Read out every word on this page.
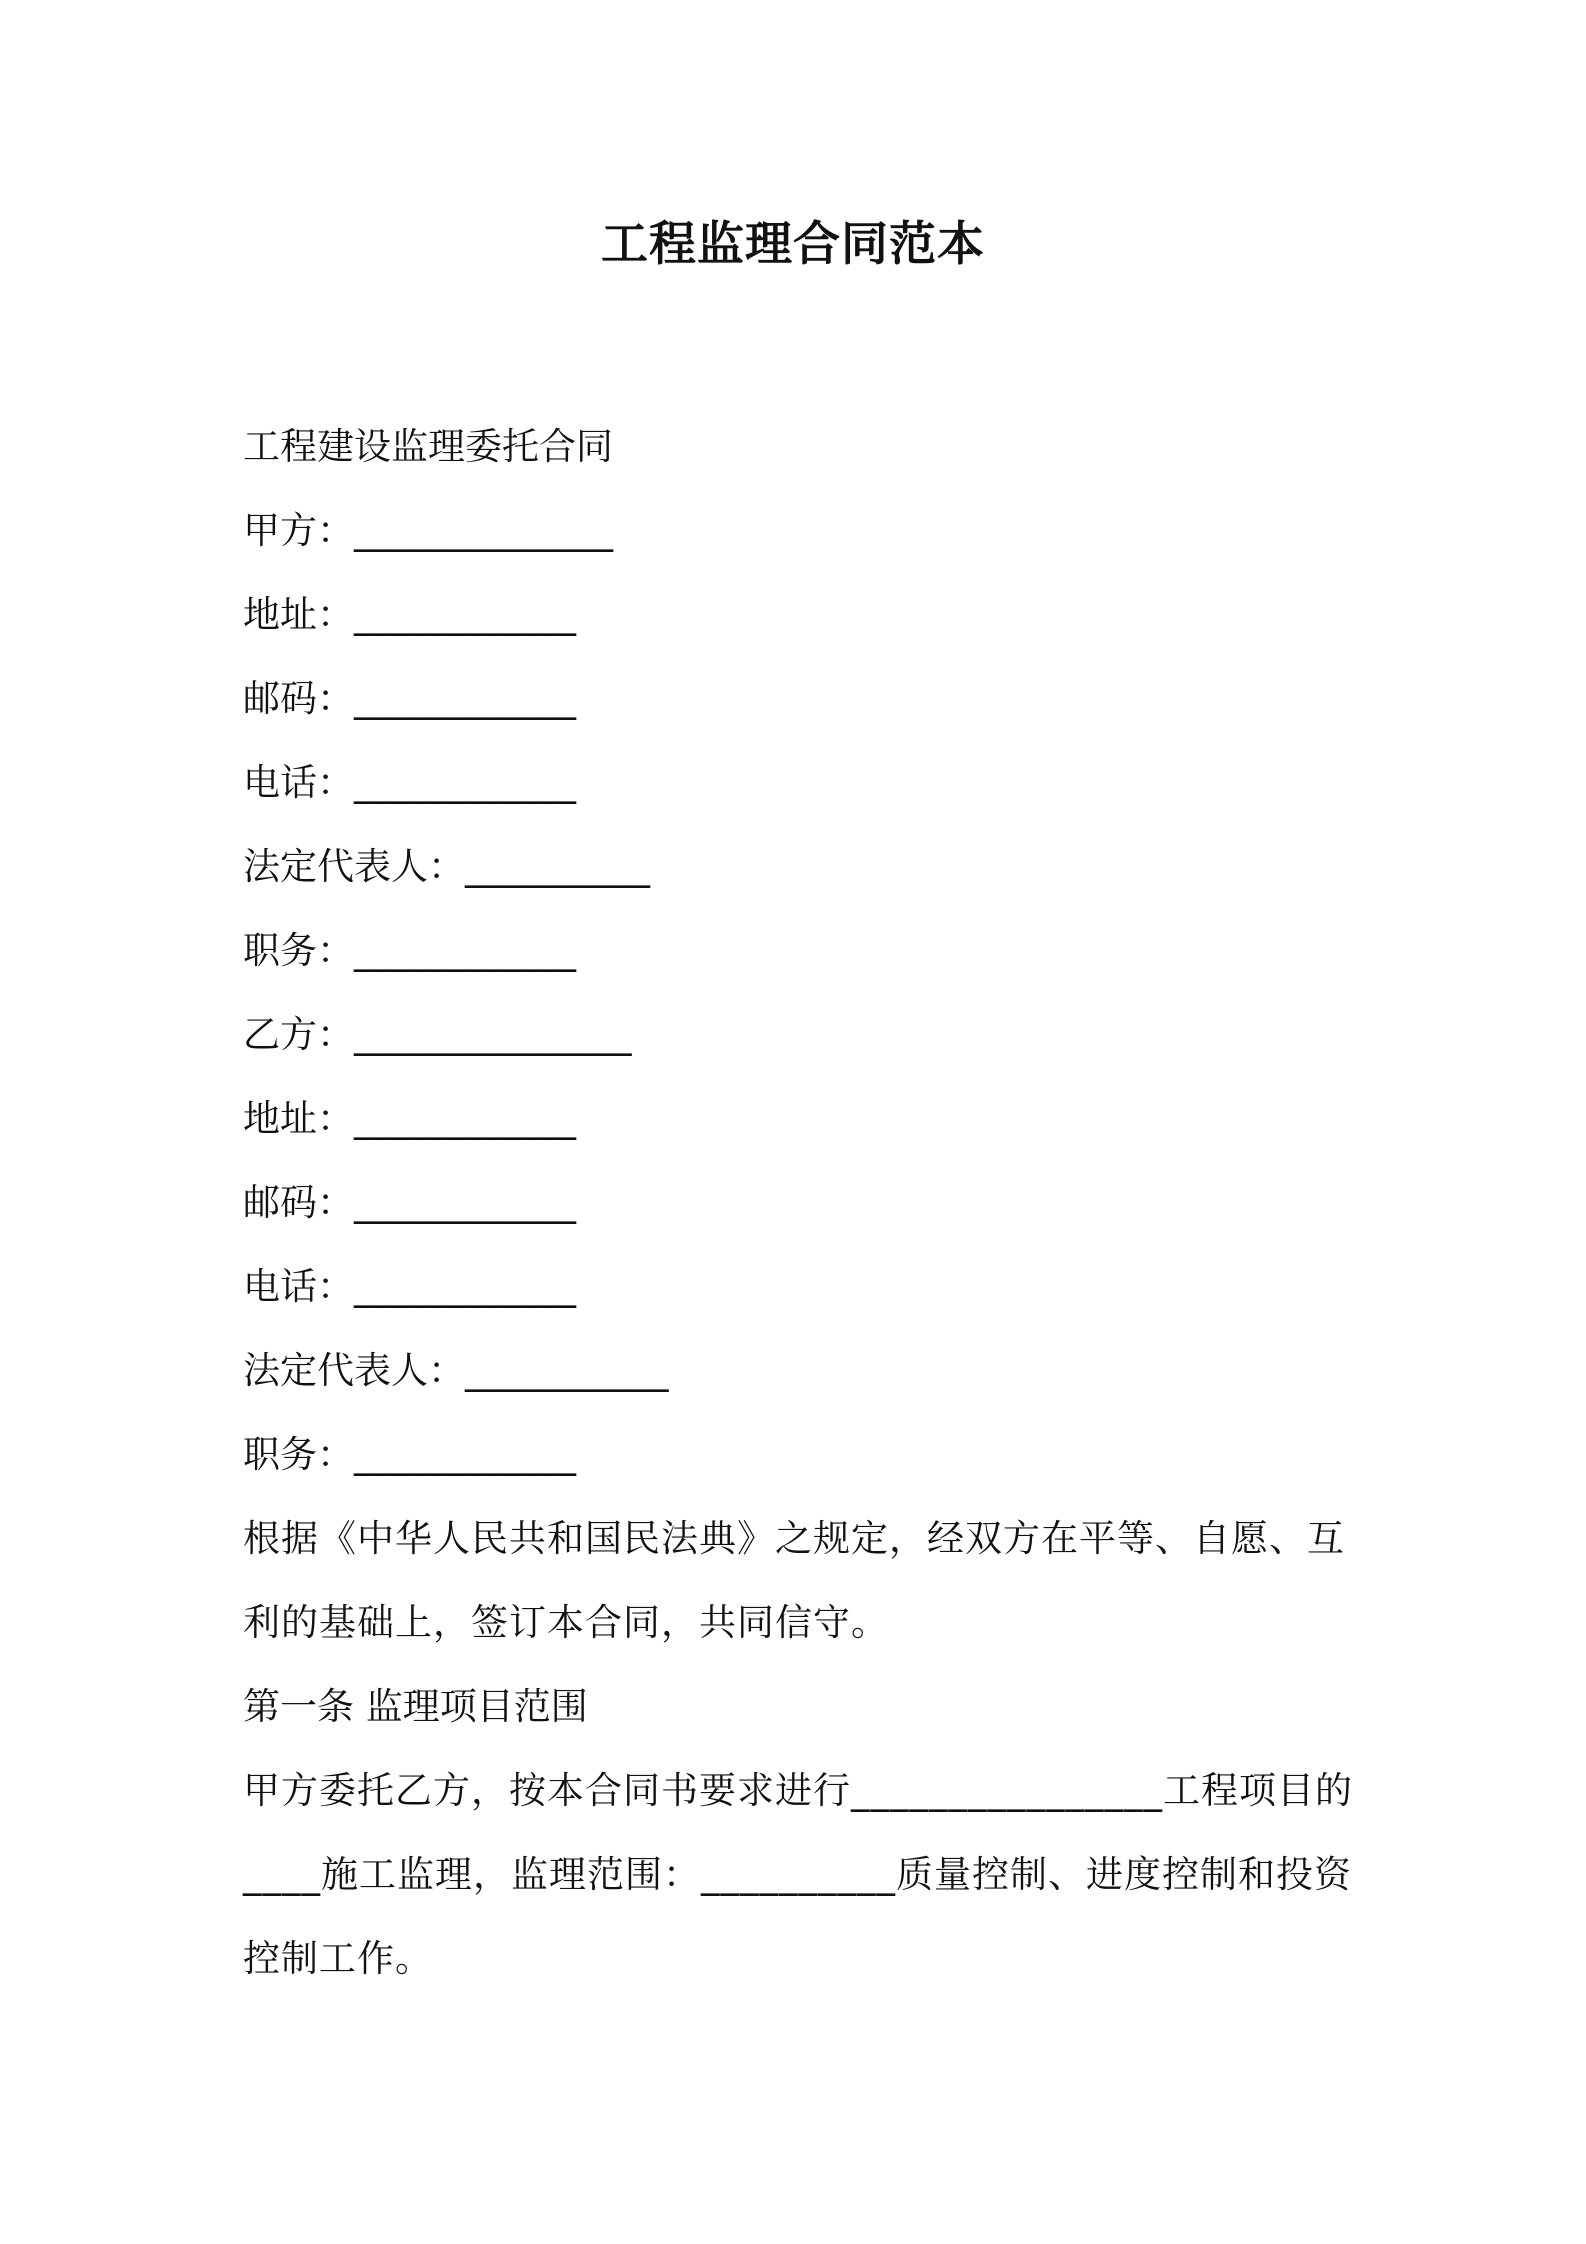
工程监理合同范本
工程建设监理委托合同
甲方：______________
地址：____________
邮码：____________
电话：____________
法定代表人：__________
职务：____________
乙方：_______________
地址：____________
邮码：____________
电话：____________
法定代表人：___________
职务：____________
根据《中华人民共和国民法典》之规定，经双方在平等、自愿、互利的基础上，签订本合同，共同信守。
第一条 监理项目范围
甲方委托乙方，按本合同书要求进行________________工程项目的____施工监理，监理范围：__________质量控制、进度控制和投资控制工作。
